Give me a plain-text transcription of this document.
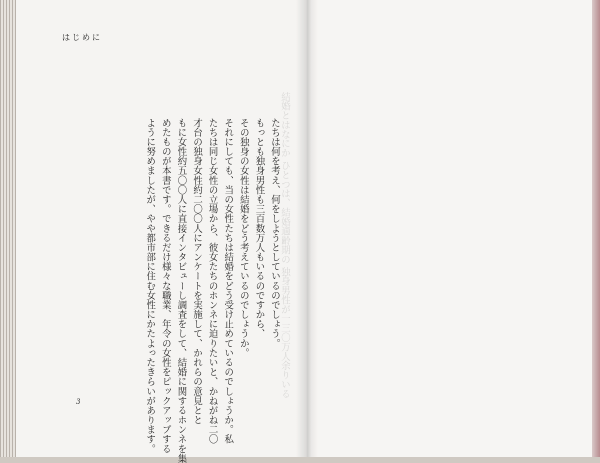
はじめに
結婚とはなにか ひとつは、結婚適齢期の 独身男性が一三〇万人余りいる
たちは何を考え、何をしようとしているのでしょう。
もっとも独身男性も三百数万人もいるのですから、
その独身の女性は結婚をどう考えているのでしょうか。
それにしても、当の女性たちは結婚をどう受け止めているのでしょうか。私
たちは同じ女性の立場から、彼女たちのホンネに迫りたいと、かねがね二〇
才台の独身女性約二〇〇人にアンケートを実施して、かれらの意見とと
もに女性約五〇〇人に直接インタビューし調査をして、結婚に関するホンネを集
めたものが本書です。できるだけ様々な職業、年令の女性をピックアップする
ように努めましたが、やや都市部に住む女性にかたよったきらいがあります。
3
